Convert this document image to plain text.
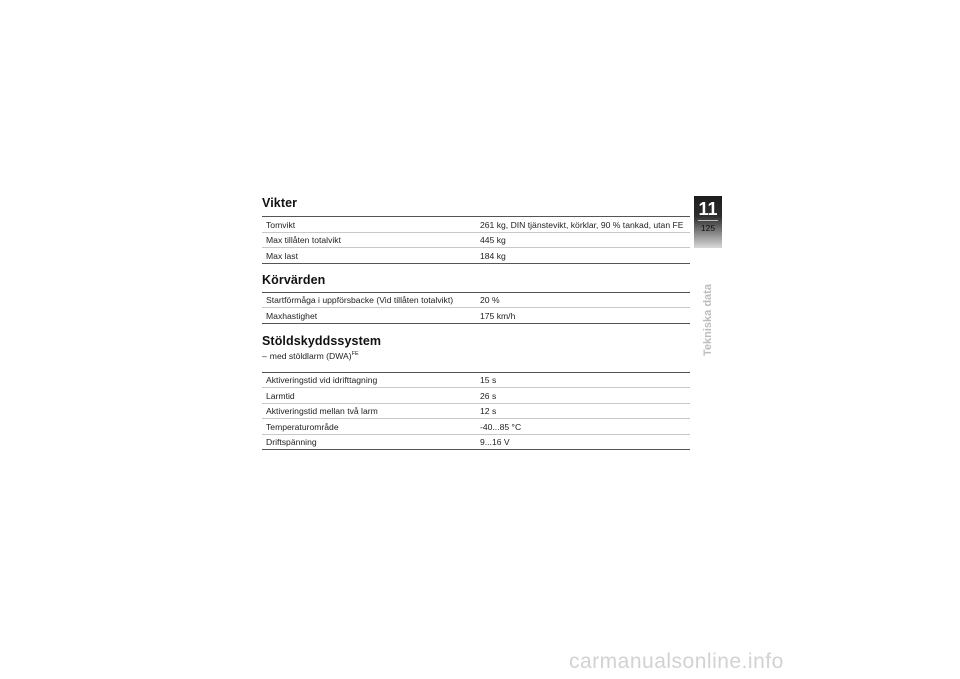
Vikter
Tomvikt	261 kg, DIN tjänstevikt, körklar, 90 % tankad, utan FE
Max tillåten totalvikt	445 kg
Max last	184 kg
Körvärden
Startförmåga i uppförsbacke (Vid tillåten totalvikt)	20 %
Maxhastighet	175 km/h
Stöldskyddssystem
– med stöldlarm (DWA)$^{FE}$
Aktiveringstid vid idrifttagning	15 s
Larmtid	26 s
Aktiveringstid mellan två larm	12 s
Temperaturområde	-40...85 °C
Driftspänning	9...16 V
11
125
Tekniska data
carmanualsonline.info
